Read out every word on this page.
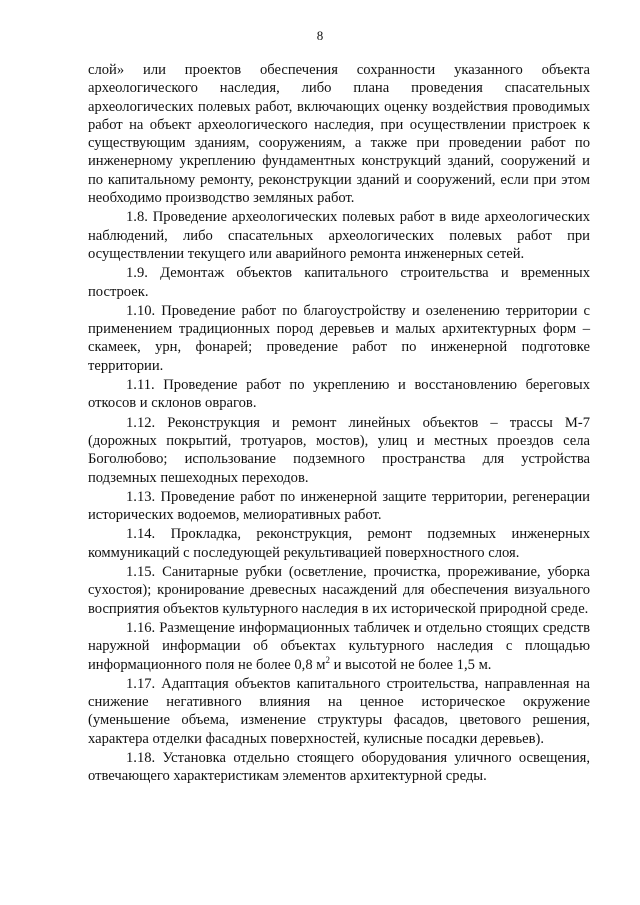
8

слой» или проектов обеспечения сохранности указанного объекта археологического наследия, либо плана проведения спасательных археологических полевых работ, включающих оценку воздействия проводимых работ на объект археологического наследия, при осуществлении пристроек к существующим зданиям, сооружениям, а также при проведении работ по инженерному укреплению фундаментных конструкций зданий, сооружений и по капитальному ремонту, реконструкции зданий и сооружений, если при этом необходимо производство земляных работ.

1.8. Проведение археологических полевых работ в виде археологических наблюдений, либо спасательных археологических полевых работ при осуществлении текущего или аварийного ремонта инженерных сетей.

1.9. Демонтаж объектов капитального строительства и временных построек.

1.10. Проведение работ по благоустройству и озеленению территории с применением традиционных пород деревьев и малых архитектурных форм – скамеек, урн, фонарей; проведение работ по инженерной подготовке территории.

1.11. Проведение работ по укреплению и восстановлению береговых откосов и склонов оврагов.

1.12. Реконструкция и ремонт линейных объектов – трассы М-7 (дорожных покрытий, тротуаров, мостов), улиц и местных проездов села Боголюбово; использование подземного пространства для устройства подземных пешеходных переходов.

1.13. Проведение работ по инженерной защите территории, регенерации исторических водоемов, мелиоративных работ.

1.14. Прокладка, реконструкция, ремонт подземных инженерных коммуникаций с последующей рекультивацией поверхностного слоя.

1.15. Санитарные рубки (осветление, прочистка, прореживание, уборка сухостоя); кронирование древесных насаждений для обеспечения визуального восприятия объектов культурного наследия в их исторической природной среде.

1.16. Размещение информационных табличек и отдельно стоящих средств наружной информации об объектах культурного наследия с площадью информационного поля не более 0,8 $м^2$ и высотой не более 1,5 м.

1.17. Адаптация объектов капитального строительства, направленная на снижение негативного влияния на ценное историческое окружение (уменьшение объема, изменение структуры фасадов, цветового решения, характера отделки фасадных поверхностей, кулисные посадки деревьев).

1.18. Установка отдельно стоящего оборудования уличного освещения, отвечающего характеристикам элементов архитектурной среды.
